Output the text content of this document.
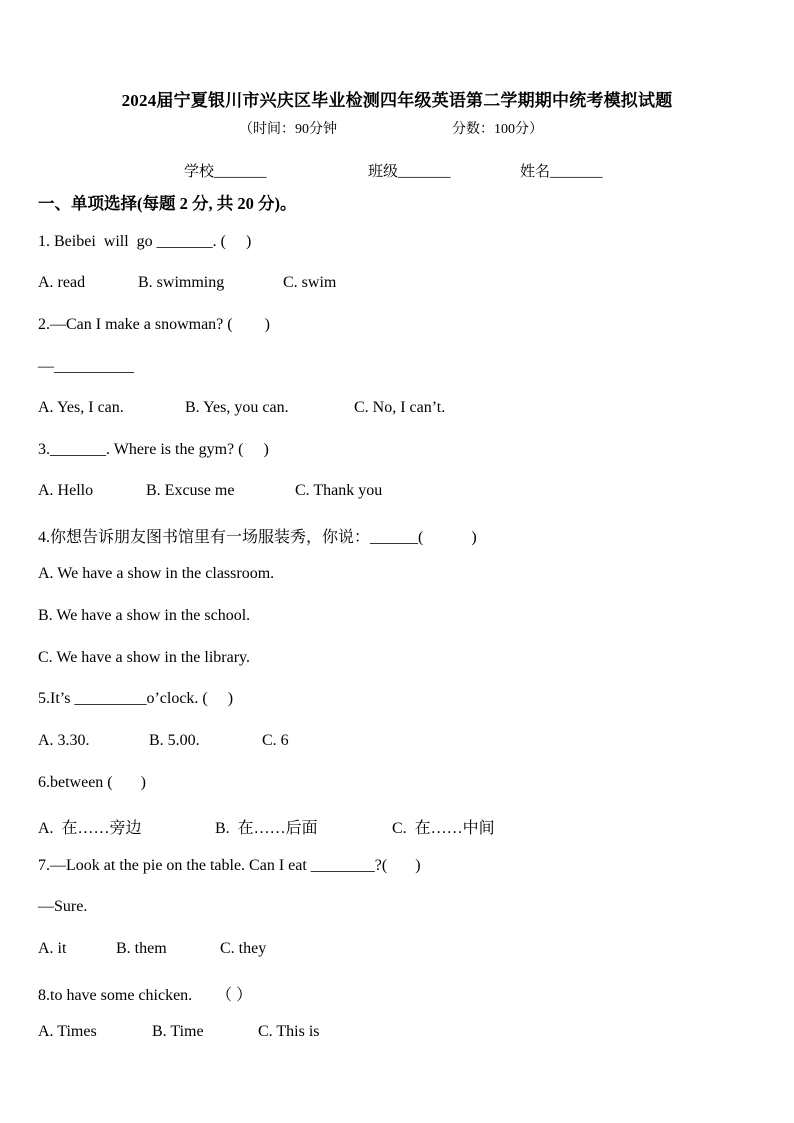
2024届宁夏银川市兴庆区毕业检测四年级英语第二学期期中统考模拟试题
（时间：90分钟	分数：100分）
学校_______	班级_______	姓名_______
一、单项选择(每题 2 分, 共 20 分)。
1. Beibei  will  go _______. (     )
A. read	B. swimming	C. swim
2.—Can I make a snowman? (        )
—__________
A. Yes, I can.	B. Yes, you can.	C. No, I can’t.
3._______. Where is the gym? (     )
A. Hello	B. Excuse me	C. Thank you
4.你想告诉朋友图书馆里有一场服装秀，你说：______(            )
A. We have a show in the classroom.
B. We have a show in the school.
C. We have a show in the library.
5.It’s _________o’clock. (     )
A. 3.30.	B. 5.00.	C. 6
6.between (       )
A.  在……旁边	B.  在……后面	C.  在……中间
7.—Look at the pie on the table. Can I eat ________?(       )
—Sure.
A. it	B. them	C. they
8.to have some chicken.      （ ）
A. Times	B. Time	C. This is
